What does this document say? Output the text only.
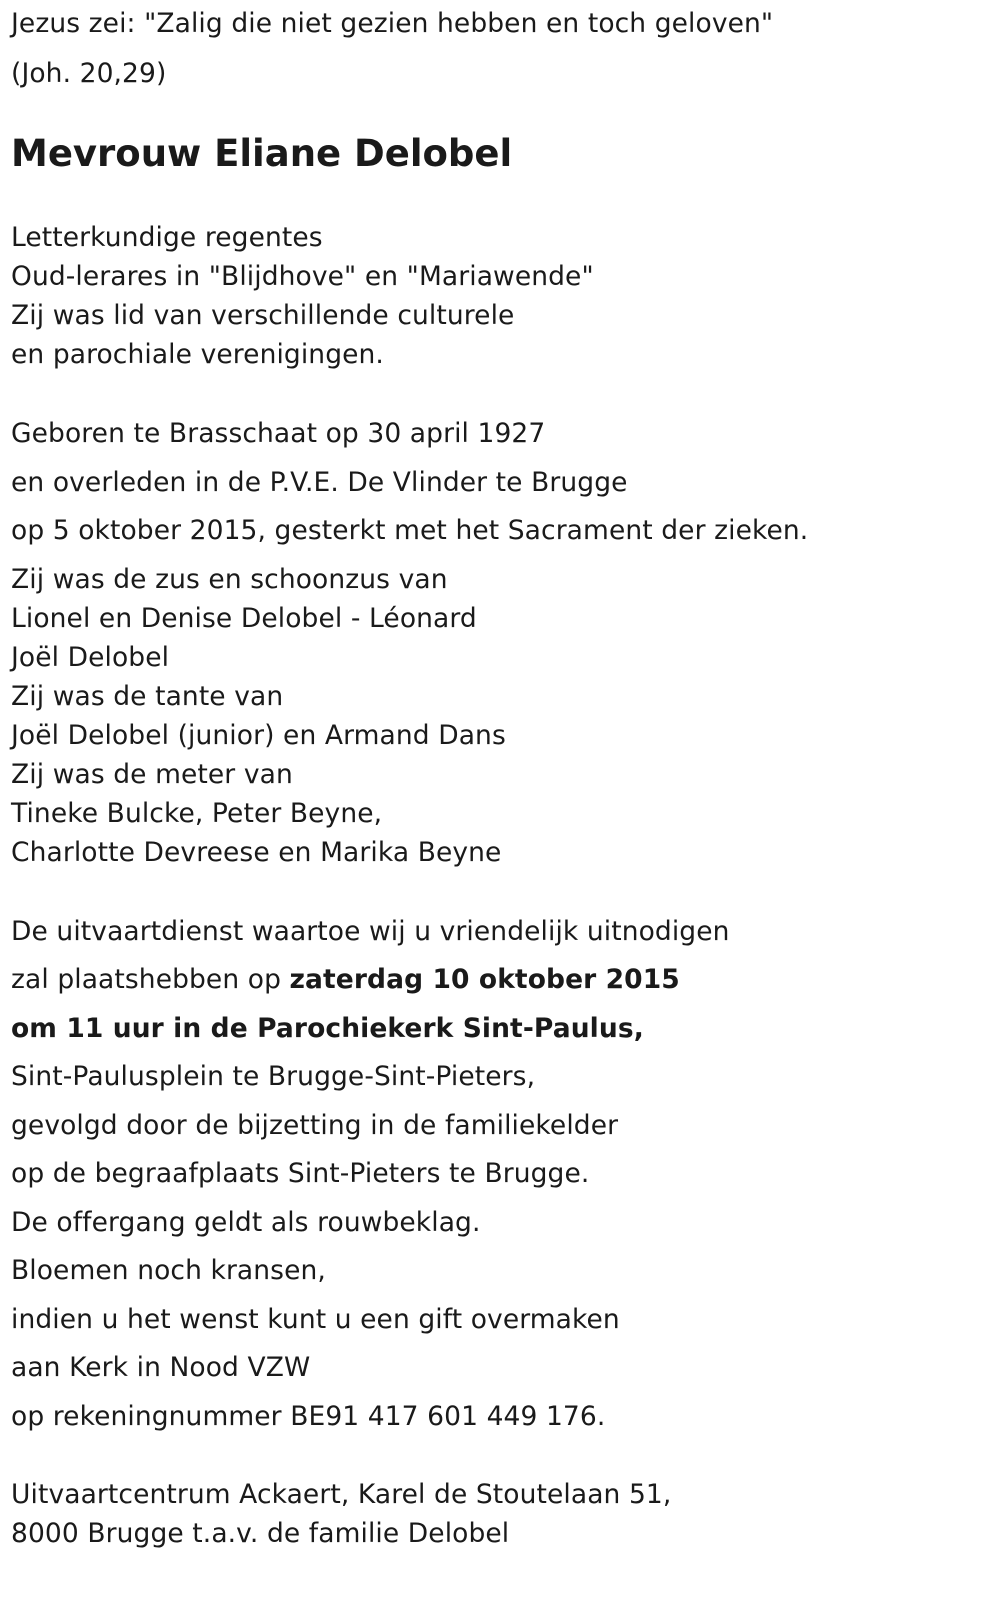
Jezus zei: "Zalig die niet gezien hebben en toch geloven"
(Joh. 20,29)
Mevrouw Eliane Delobel
Letterkundige regentes
Oud-lerares in "Blijdhove" en "Mariawende"
Zij was lid van verschillende culturele
en parochiale verenigingen.
Geboren te Brasschaat op 30 april 1927
en overleden in de P.V.E. De Vlinder te Brugge
op 5 oktober 2015, gesterkt met het Sacrament der zieken.
Zij was de zus en schoonzus van
Lionel en Denise Delobel - Léonard
Joël Delobel
Zij was de tante van
Joël Delobel (junior) en Armand Dans
Zij was de meter van
Tineke Bulcke, Peter Beyne,
Charlotte Devreese en Marika Beyne
De uitvaartdienst waartoe wij u vriendelijk uitnodigen
zal plaatshebben op zaterdag 10 oktober 2015
om 11 uur in de Parochiekerk Sint-Paulus,
Sint-Paulusplein te Brugge-Sint-Pieters,
gevolgd door de bijzetting in de familiekelder
op de begraafplaats Sint-Pieters te Brugge.
De offergang geldt als rouwbeklag.
Bloemen noch kransen,
indien u het wenst kunt u een gift overmaken
aan Kerk in Nood VZW
op rekeningnummer BE91 417 601 449 176.
Uitvaartcentrum Ackaert, Karel de Stoutelaan 51,
8000 Brugge t.a.v. de familie Delobel
